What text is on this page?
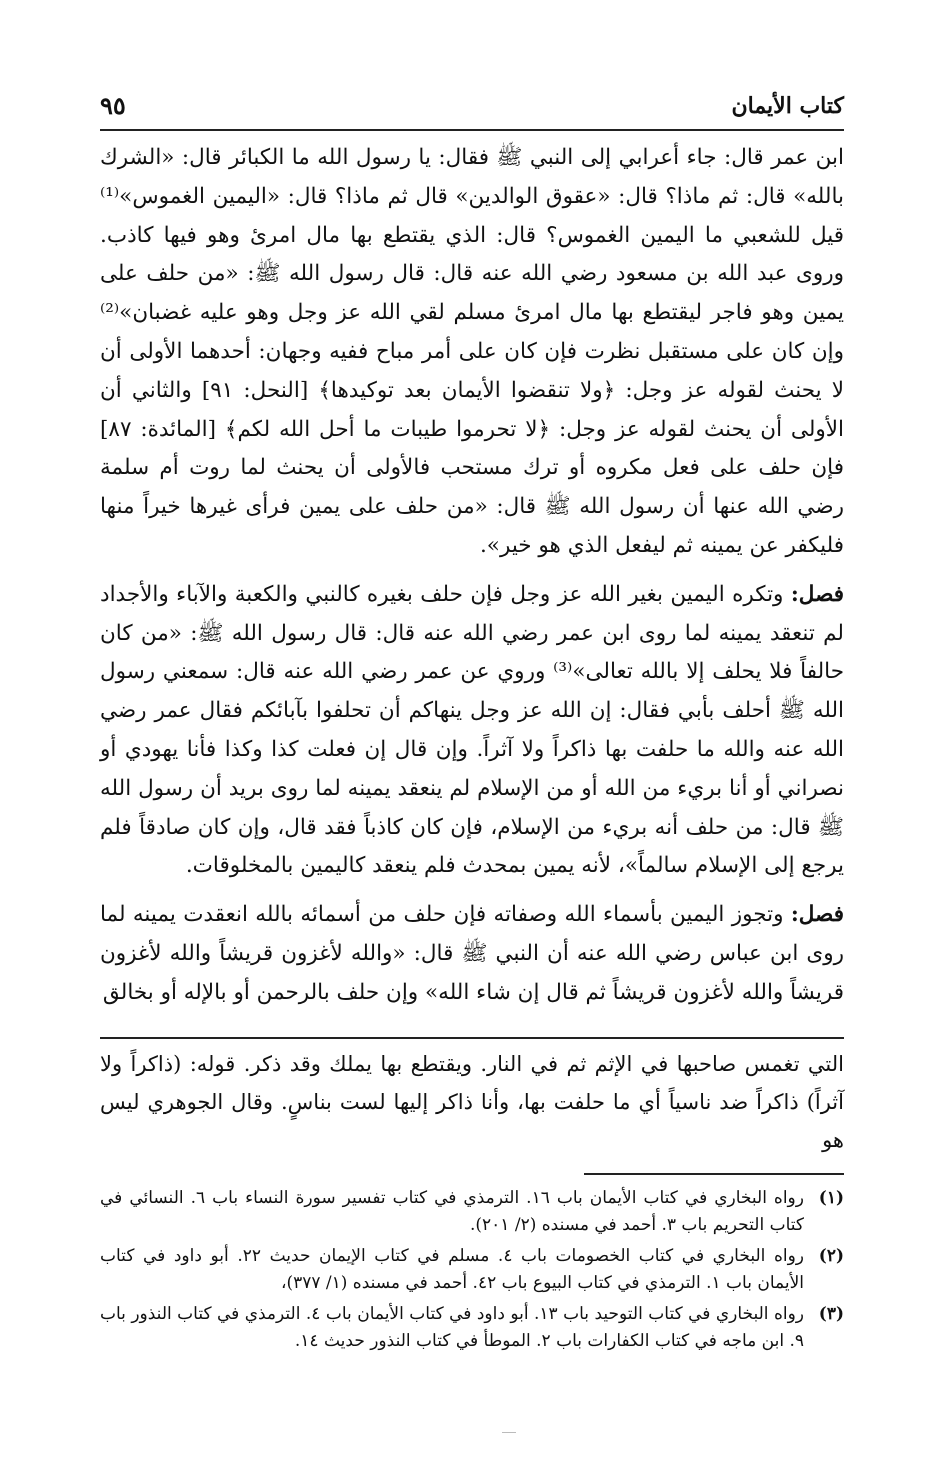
كتاب الأيمان
٩٥

ابن عمر قال: جاء أعرابي إلى النبي ﷺ فقال: يا رسول الله ما الكبائر قال: «الشرك بالله» قال: ثم ماذا؟ قال: «عقوق الوالدين» قال ثم ماذا؟ قال: «اليمين الغموس»⁽¹⁾ قيل للشعبي ما اليمين الغموس؟ قال: الذي يقتطع بها مال امرئ وهو فيها كاذب. وروى عبد الله بن مسعود رضي الله عنه قال: قال رسول الله ﷺ: «من حلف على يمين وهو فاجر ليقتطع بها مال امرئ مسلم لقي الله عز وجل وهو عليه غضبان»⁽²⁾ وإن كان على مستقبل نظرت فإن كان على أمر مباح ففيه وجهان: أحدهما الأولى أن لا يحنث لقوله عز وجل: ﴿ولا تنقضوا الأيمان بعد توكيدها﴾ [النحل: ٩١] والثاني أن الأولى أن يحنث لقوله عز وجل: ﴿لا تحرموا طيبات ما أحل الله لكم﴾ [المائدة: ٨٧] فإن حلف على فعل مكروه أو ترك مستحب فالأولى أن يحنث لما روت أم سلمة رضي الله عنها أن رسول الله ﷺ قال: «من حلف على يمين فرأى غيرها خيراً منها فليكفر عن يمينه ثم ليفعل الذي هو خير».

فصل: وتكره اليمين بغير الله عز وجل فإن حلف بغيره كالنبي والكعبة والآباء والأجداد لم تنعقد يمينه لما روى ابن عمر رضي الله عنه قال: قال رسول الله ﷺ: «من كان حالفاً فلا يحلف إلا بالله تعالى»⁽³⁾ وروي عن عمر رضي الله عنه قال: سمعني رسول الله ﷺ أحلف بأبي فقال: إن الله عز وجل ينهاكم أن تحلفوا بآبائكم فقال عمر رضي الله عنه والله ما حلفت بها ذاكراً ولا آثراً. وإن قال إن فعلت كذا وكذا فأنا يهودي أو نصراني أو أنا بريء من الله أو من الإسلام لم ينعقد يمينه لما روى بريد أن رسول الله ﷺ قال: من حلف أنه بريء من الإسلام، فإن كان كاذباً فقد قال، وإن كان صادقاً فلم يرجع إلى الإسلام سالماً»، لأنه يمين بمحدث فلم ينعقد كاليمين بالمخلوقات.

فصل: وتجوز اليمين بأسماء الله وصفاته فإن حلف من أسمائه بالله انعقدت يمينه لما روى ابن عباس رضي الله عنه أن النبي ﷺ قال: «والله لأغزون قريشاً والله لأغزون قريشاً والله لأغزون قريشاً ثم قال إن شاء الله» وإن حلف بالرحمن أو بالإله أو بخالق

التي تغمس صاحبها في الإثم ثم في النار. ويقتطع بها يملك وقد ذكر. قوله: (ذاكراً ولا آثراً) ذاكراً ضد ناسياً أي ما حلفت بها، وأنا ذاكر إليها لست بناسٍ. وقال الجوهري ليس هو

(١)
رواه البخاري في كتاب الأيمان باب ١٦. الترمذي في كتاب تفسير سورة النساء باب ٦. النسائي في كتاب التحريم باب ٣. أحمد في مسنده (٢/ ٢٠١).
(٢)
رواه البخاري في كتاب الخصومات باب ٤. مسلم في كتاب الإيمان حديث ٢٢. أبو داود في كتاب الأيمان باب ١. الترمذي في كتاب البيوع باب ٤٢. أحمد في مسنده (١/ ٣٧٧)،
(٣)
رواه البخاري في كتاب التوحيد باب ١٣. أبو داود في كتاب الأيمان باب ٤. الترمذي في كتاب النذور باب ٩. ابن ماجه في كتاب الكفارات باب ٢. الموطأ في كتاب النذور حديث ١٤.
